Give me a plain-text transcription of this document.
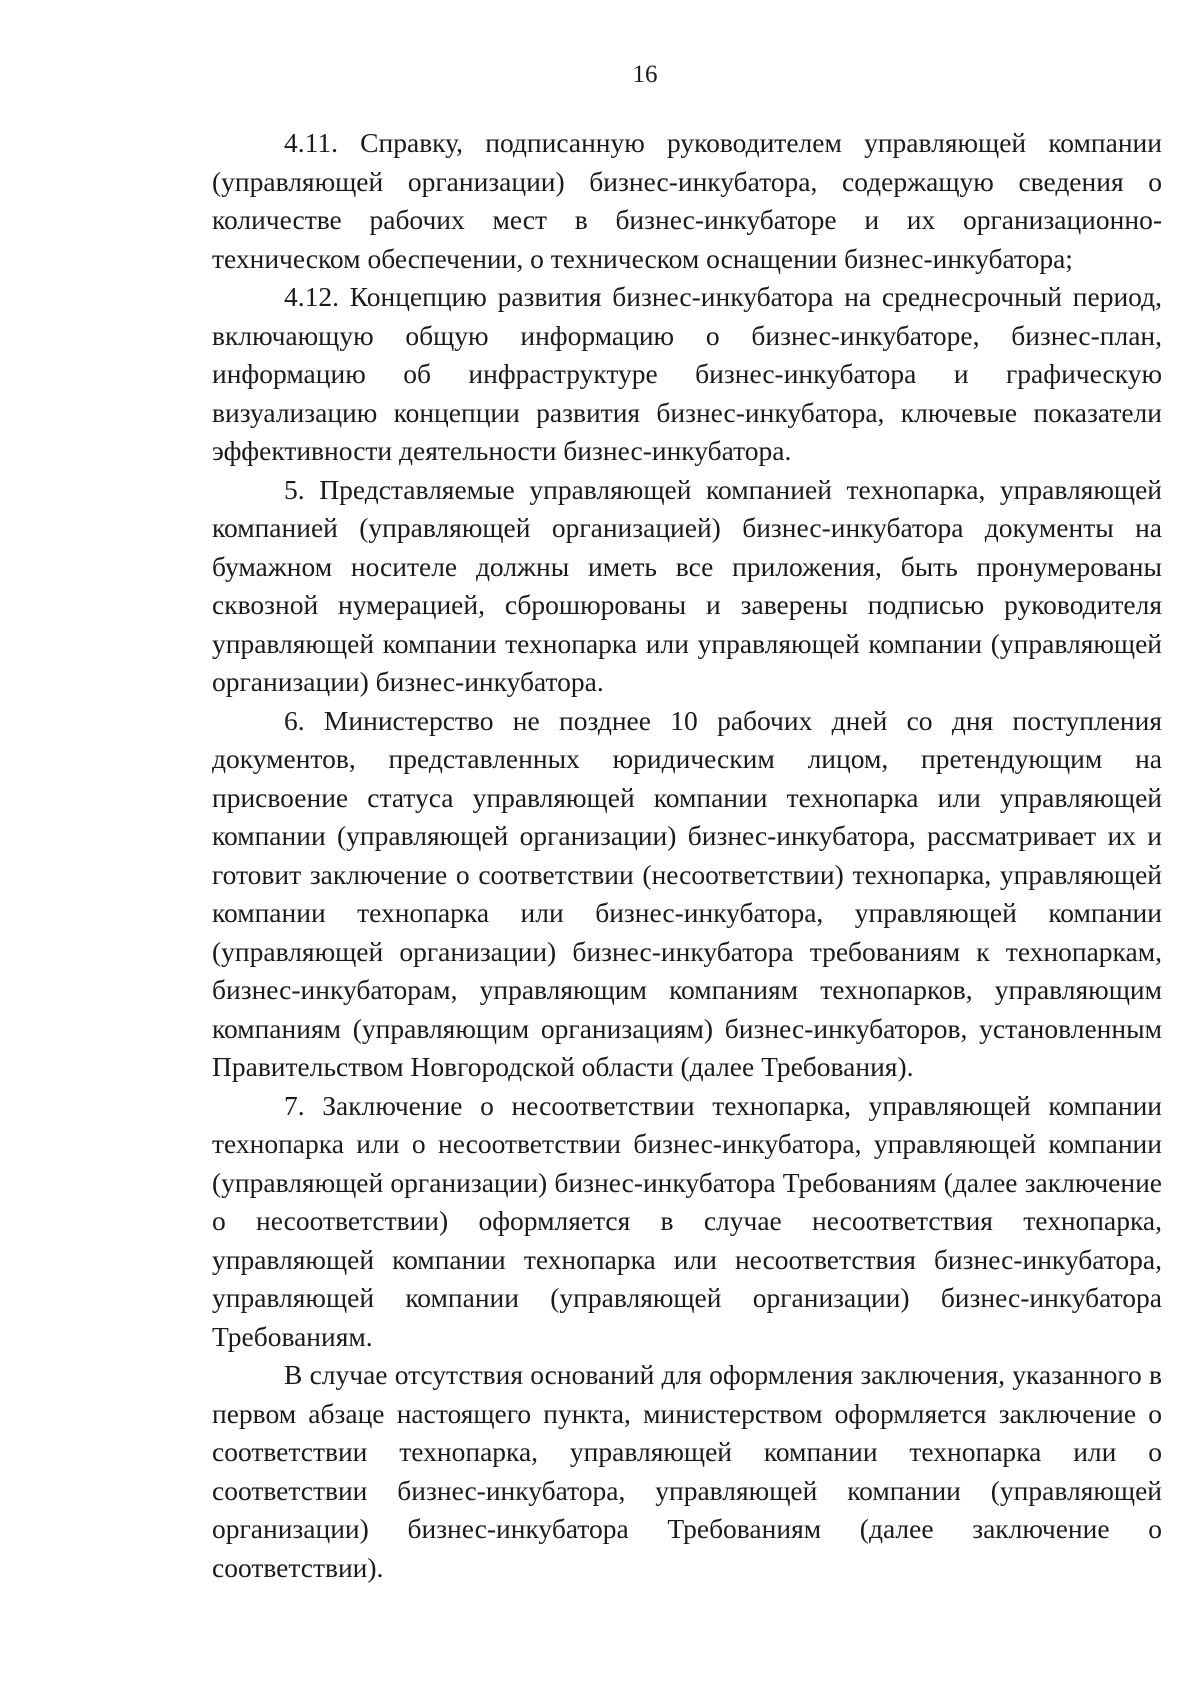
16

4.11. Справку, подписанную руководителем управляющей компании (управляющей организации) бизнес-инкубатора, содержащую сведения о количестве рабочих мест в бизнес-инкубаторе и их организационно-техническом обеспечении, о техническом оснащении бизнес-инкубатора;

4.12. Концепцию развития бизнес-инкубатора на среднесрочный период, включающую общую информацию о бизнес-инкубаторе, бизнес-план, информацию об инфраструктуре бизнес-инкубатора и графическую визуализацию концепции развития бизнес-инкубатора, ключевые показатели эффективности деятельности бизнес-инкубатора.

5. Представляемые управляющей компанией технопарка, управляющей компанией (управляющей организацией) бизнес-инкубатора документы на бумажном носителе должны иметь все приложения, быть пронумерованы сквозной нумерацией, сброшюрованы и заверены подписью руководителя управляющей компании технопарка или управляющей компании (управляющей организации) бизнес-инкубатора.

6. Министерство не позднее 10 рабочих дней со дня поступления документов, представленных юридическим лицом, претендующим на присвоение статуса управляющей компании технопарка или управляющей компании (управляющей организации) бизнес-инкубатора, рассматривает их и готовит заключение о соответствии (несоответствии) технопарка, управляющей компании технопарка или бизнес-инкубатора, управляющей компании (управляющей организации) бизнес-инкубатора требованиям к технопаркам, бизнес-инкубаторам, управляющим компаниям технопарков, управляющим компаниям (управляющим организациям) бизнес-инкубаторов, установленным Правительством Новгородской области (далее Требования).

7. Заключение о несоответствии технопарка, управляющей компании технопарка или о несоответствии бизнес-инкубатора, управляющей компании (управляющей организации) бизнес-инкубатора Требованиям (далее заключение о несоответствии) оформляется в случае несоответствия технопарка, управляющей компании технопарка или несоответствия бизнес-инкубатора, управляющей компании (управляющей организации) бизнес-инкубатора Требованиям.

В случае отсутствия оснований для оформления заключения, указанного в первом абзаце настоящего пункта, министерством оформляется заключение о соответствии технопарка, управляющей компании технопарка или о соответствии бизнес-инкубатора, управляющей компании (управляющей организации) бизнес-инкубатора Требованиям (далее заключение о соответствии).
